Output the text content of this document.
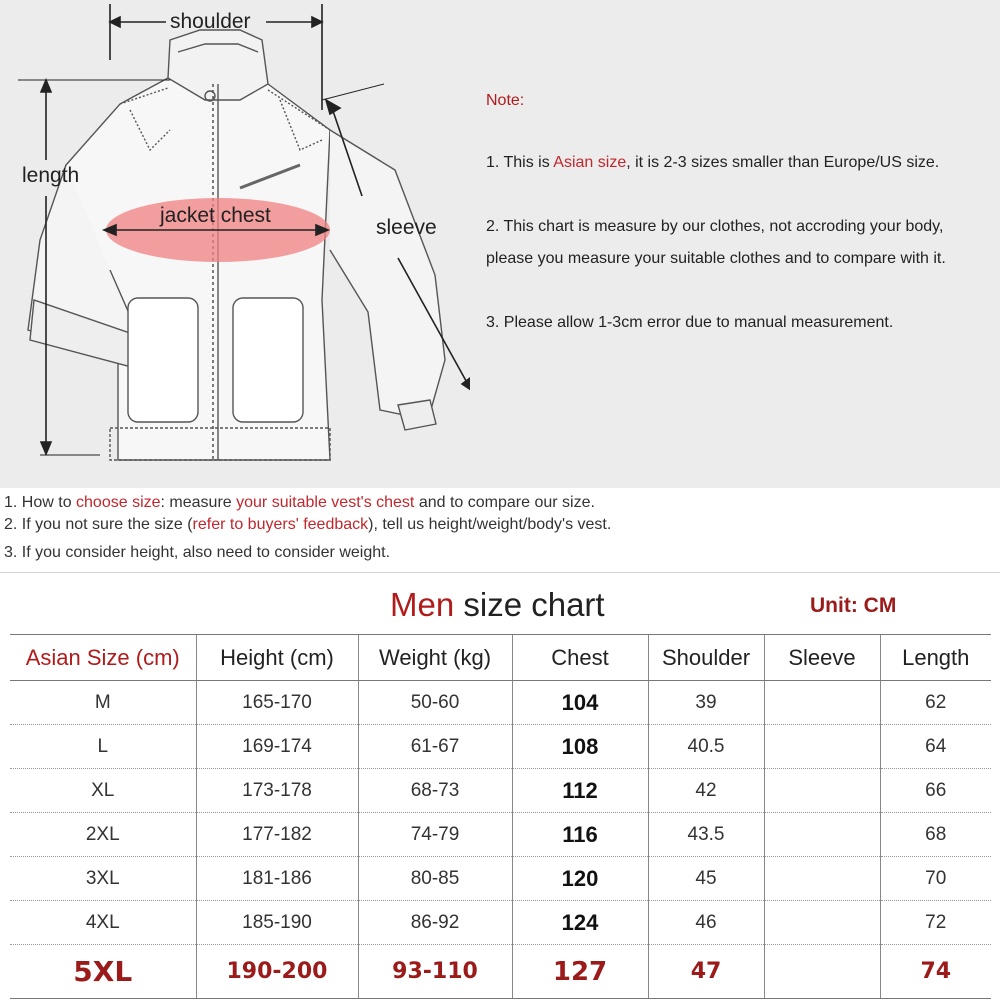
shoulder
length
jacket chest
sleeve
Note:
1. This is Asian size, it is 2-3 sizes smaller than Europe/US size.
2. This chart is measure by our clothes, not accroding your body,
please you measure your suitable clothes and to compare with it.
3. Please allow 1-3cm error due to manual measurement.
1. How to choose size: measure your suitable vest's chest and to compare our size.
2. If you not sure the size (refer to buyers' feedback), tell us height/weight/body's vest.
3. If you consider height, also need to consider weight.
Men size chart	Unit: CM
Asian Size (cm)	Height (cm)	Weight (kg)	Chest	Shoulder	Sleeve	Length
M	165-170	50-60	104	39		62
L	169-174	61-67	108	40.5		64
XL	173-178	68-73	112	42		66
2XL	177-182	74-79	116	43.5		68
3XL	181-186	80-85	120	45		70
4XL	185-190	86-92	124	46		72
5XL	190-200	93-110	127	47		74
